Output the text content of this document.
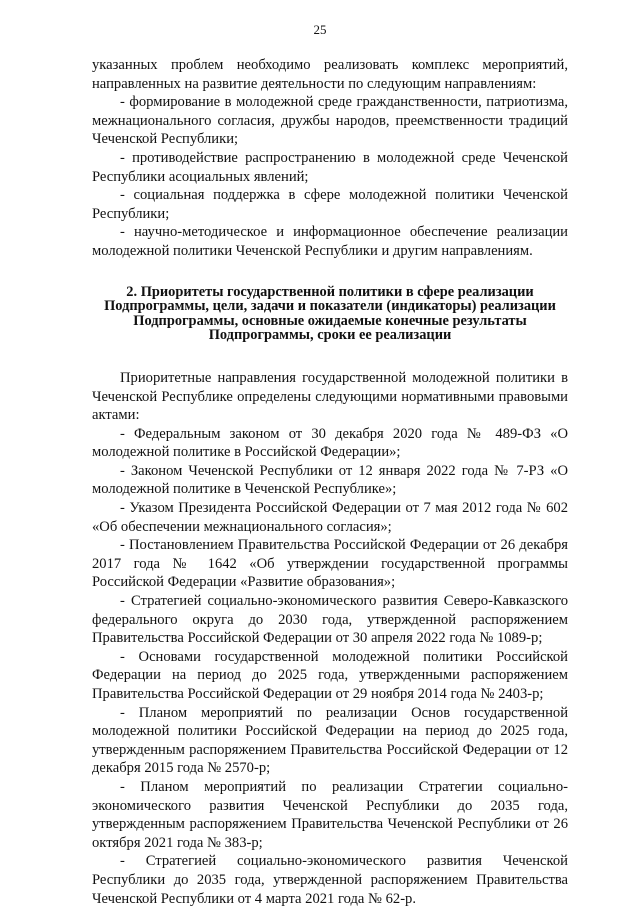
25

указанных проблем необходимо реализовать комплекс мероприятий, направленных на развитие деятельности по следующим направлениям:

- формирование в молодежной среде гражданственности, патриотизма, межнационального согласия, дружбы народов, преемственности традиций Чеченской Республики;

- противодействие распространению в молодежной среде Чеченской Республики асоциальных явлений;

- социальная поддержка в сфере молодежной политики Чеченской Республики;

- научно-методическое и информационное обеспечение реализации молодежной политики Чеченской Республики и другим направлениям.

2. Приоритеты государственной политики в сфере реализации
Подпрограммы, цели, задачи и показатели (индикаторы) реализации
Подпрограммы, основные ожидаемые конечные результаты
Подпрограммы, сроки ее реализации

Приоритетные направления государственной молодежной политики в Чеченской Республике определены следующими нормативными правовыми актами:

- Федеральным законом от 30 декабря 2020 года № 489-ФЗ «О молодежной политике в Российской Федерации»;

- Законом Чеченской Республики от 12 января 2022 года № 7-РЗ «О молодежной политике в Чеченской Республике»;

- Указом Президента Российской Федерации от 7 мая 2012 года № 602 «Об обеспечении межнационального согласия»;

- Постановлением Правительства Российской Федерации от 26 декабря 2017 года № 1642 «Об утверждении государственной программы Российской Федерации «Развитие образования»;

- Стратегией социально-экономического развития Северо-Кавказского федерального округа до 2030 года, утвержденной распоряжением Правительства Российской Федерации от 30 апреля 2022 года № 1089-р;

- Основами государственной молодежной политики Российской Федерации на период до 2025 года, утвержденными распоряжением Правительства Российской Федерации от 29 ноября 2014 года № 2403-р;

- Планом мероприятий по реализации Основ государственной молодежной политики Российской Федерации на период до 2025 года, утвержденным распоряжением Правительства Российской Федерации от 12 декабря 2015 года № 2570-р;

- Планом мероприятий по реализации Стратегии социально-экономического развития Чеченской Республики до 2035 года, утвержденным распоряжением Правительства Чеченской Республики от 26 октября 2021 года № 383-р;

- Стратегией социально-экономического развития Чеченской Республики до 2035 года, утвержденной распоряжением Правительства Чеченской Республики от 4 марта 2021 года № 62-р.
